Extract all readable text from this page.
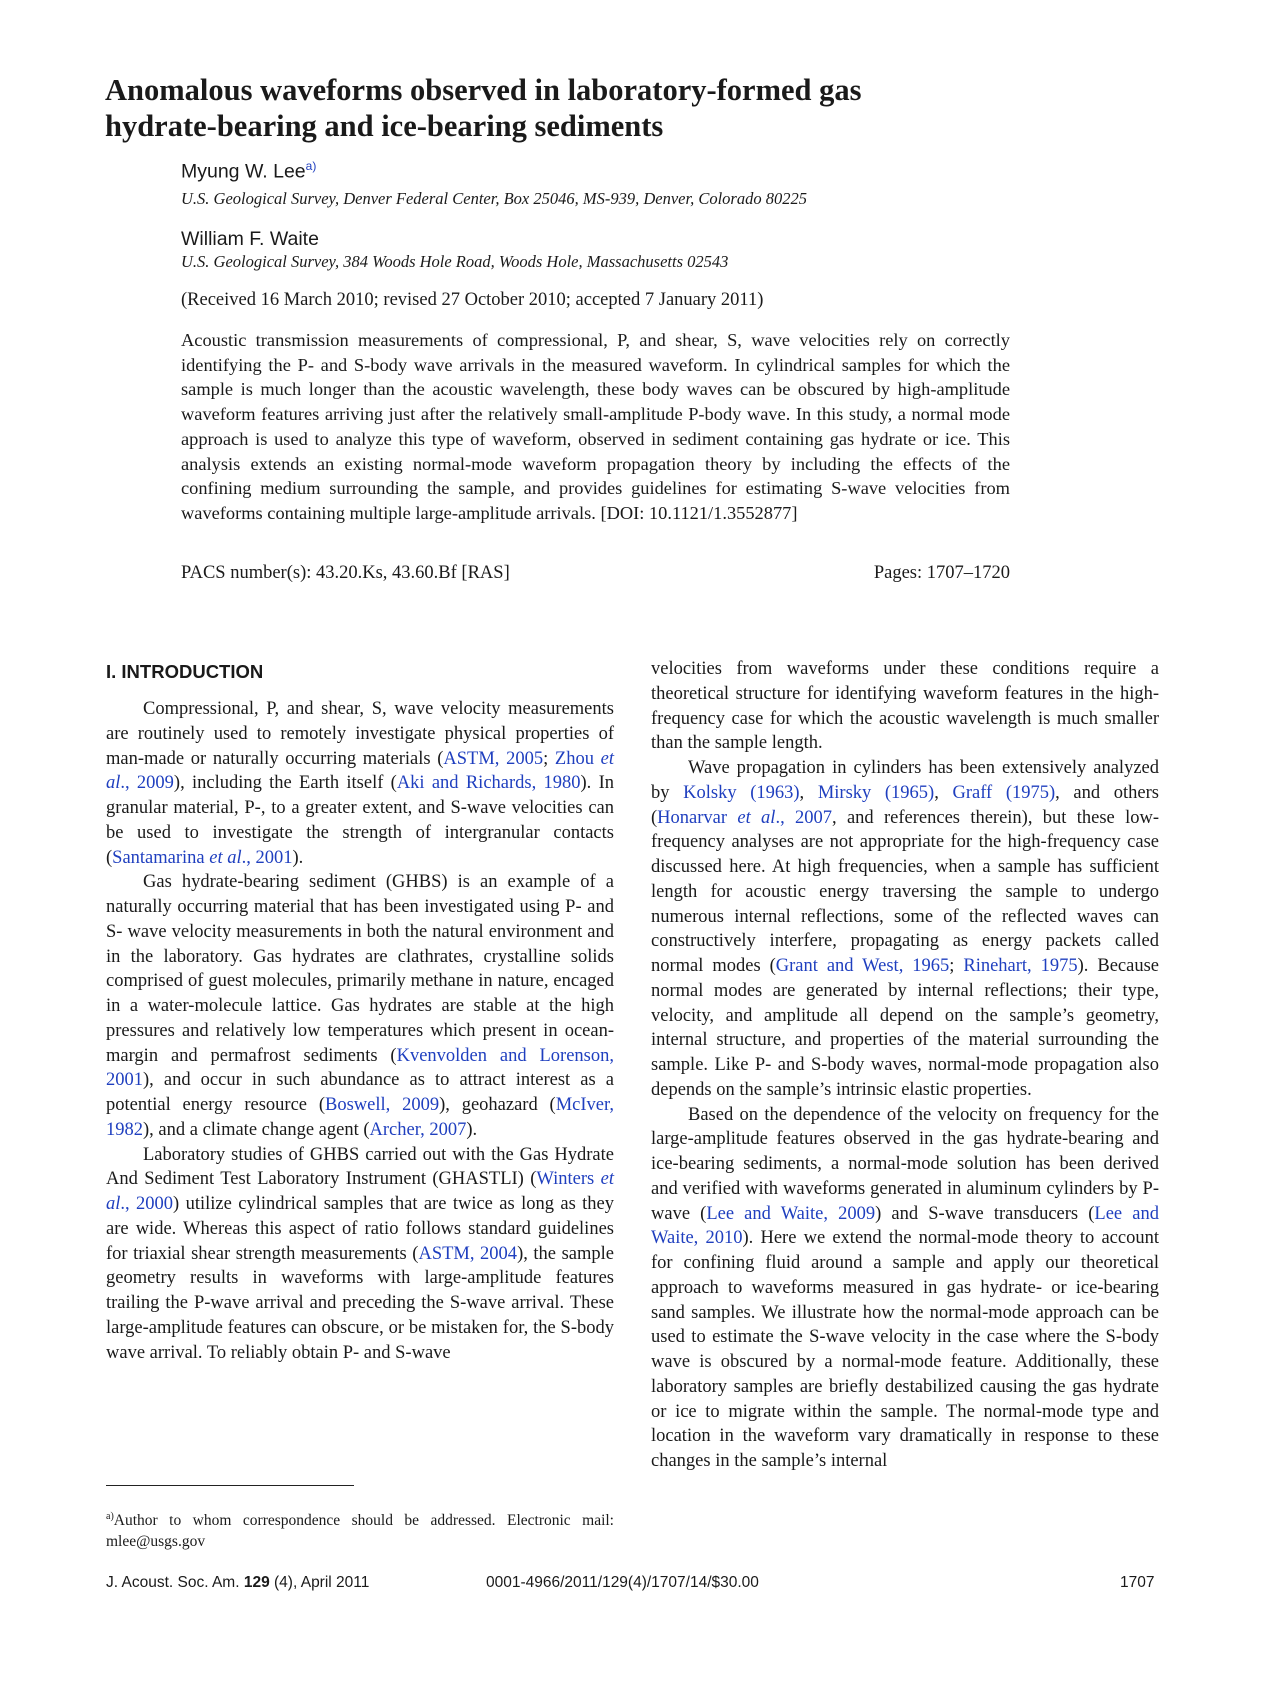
Anomalous waveforms observed in laboratory-formed gas
hydrate-bearing and ice-bearing sediments
Myung W. Lee$^{a)}$
U.S. Geological Survey, Denver Federal Center, Box 25046, MS-939, Denver, Colorado 80225
William F. Waite
U.S. Geological Survey, 384 Woods Hole Road, Woods Hole, Massachusetts 02543
(Received 16 March 2010; revised 27 October 2010; accepted 7 January 2011)

Acoustic transmission measurements of compressional, P, and shear, S, wave velocities rely on correctly identifying the P- and S-body wave arrivals in the measured waveform. In cylindrical samples for which the sample is much longer than the acoustic wavelength, these body waves can be obscured by high-amplitude waveform features arriving just after the relatively small-amplitude P-body wave. In this study, a normal mode approach is used to analyze this type of waveform, observed in sediment containing gas hydrate or ice. This analysis extends an existing normal-mode waveform propagation theory by including the effects of the confining medium surrounding the sample, and provides guidelines for estimating S-wave velocities from waveforms containing multiple large-amplitude arrivals. [DOI: 10.1121/1.3552877]

PACS number(s): 43.20.Ks, 43.60.Bf [RAS]	Pages: 1707–1720
I. INTRODUCTION

Compressional, P, and shear, S, wave velocity measurements are routinely used to remotely investigate physical properties of man-made or naturally occurring materials (ASTM, 2005; Zhou et al., 2009), including the Earth itself (Aki and Richards, 1980). In granular material, P-, to a greater extent, and S-wave velocities can be used to investigate the strength of intergranular contacts (Santamarina et al., 2001).

Gas hydrate-bearing sediment (GHBS) is an example of a naturally occurring material that has been investigated using P- and S- wave velocity measurements in both the natural environment and in the laboratory. Gas hydrates are clathrates, crystalline solids comprised of guest molecules, primarily methane in nature, encaged in a water-molecule lattice. Gas hydrates are stable at the high pressures and relatively low temperatures which present in ocean-margin and permafrost sediments (Kvenvolden and Lorenson, 2001), and occur in such abundance as to attract interest as a potential energy resource (Boswell, 2009), geohazard (McIver, 1982), and a climate change agent (Archer, 2007).

Laboratory studies of GHBS carried out with the Gas Hydrate And Sediment Test Laboratory Instrument (GHASTLI) (Winters et al., 2000) utilize cylindrical samples that are twice as long as they are wide. Whereas this aspect of ratio follows standard guidelines for triaxial shear strength measurements (ASTM, 2004), the sample geometry results in waveforms with large-amplitude features trailing the P-wave arrival and preceding the S-wave arrival. These large-amplitude features can obscure, or be mistaken for, the S-body wave arrival. To reliably obtain P- and S-wave

velocities from waveforms under these conditions require a theoretical structure for identifying waveform features in the high-frequency case for which the acoustic wavelength is much smaller than the sample length.

Wave propagation in cylinders has been extensively analyzed by Kolsky (1963), Mirsky (1965), Graff (1975), and others (Honarvar et al., 2007, and references therein), but these low-frequency analyses are not appropriate for the high-frequency case discussed here. At high frequencies, when a sample has sufficient length for acoustic energy traversing the sample to undergo numerous internal reflections, some of the reflected waves can constructively interfere, propagating as energy packets called normal modes (Grant and West, 1965; Rinehart, 1975). Because normal modes are generated by internal reflections; their type, velocity, and amplitude all depend on the sample’s geometry, internal structure, and properties of the material surrounding the sample. Like P- and S-body waves, normal-mode propagation also depends on the sample’s intrinsic elastic properties.

Based on the dependence of the velocity on frequency for the large-amplitude features observed in the gas hydrate-bearing and ice-bearing sediments, a normal-mode solution has been derived and verified with waveforms generated in aluminum cylinders by P-wave (Lee and Waite, 2009) and S-wave transducers (Lee and Waite, 2010). Here we extend the normal-mode theory to account for confining fluid around a sample and apply our theoretical approach to waveforms measured in gas hydrate- or ice-bearing sand samples. We illustrate how the normal-mode approach can be used to estimate the S-wave velocity in the case where the S-body wave is obscured by a normal-mode feature. Additionally, these laboratory samples are briefly destabilized causing the gas hydrate or ice to migrate within the sample. The normal-mode type and location in the waveform vary dramatically in response to these changes in the sample’s internal

$^{a)}$Author to whom correspondence should be addressed. Electronic mail: mlee@usgs.gov

J. Acoust. Soc. Am. 129 (4), April 2011	0001-4966/2011/129(4)/1707/14/$30.00	1707
